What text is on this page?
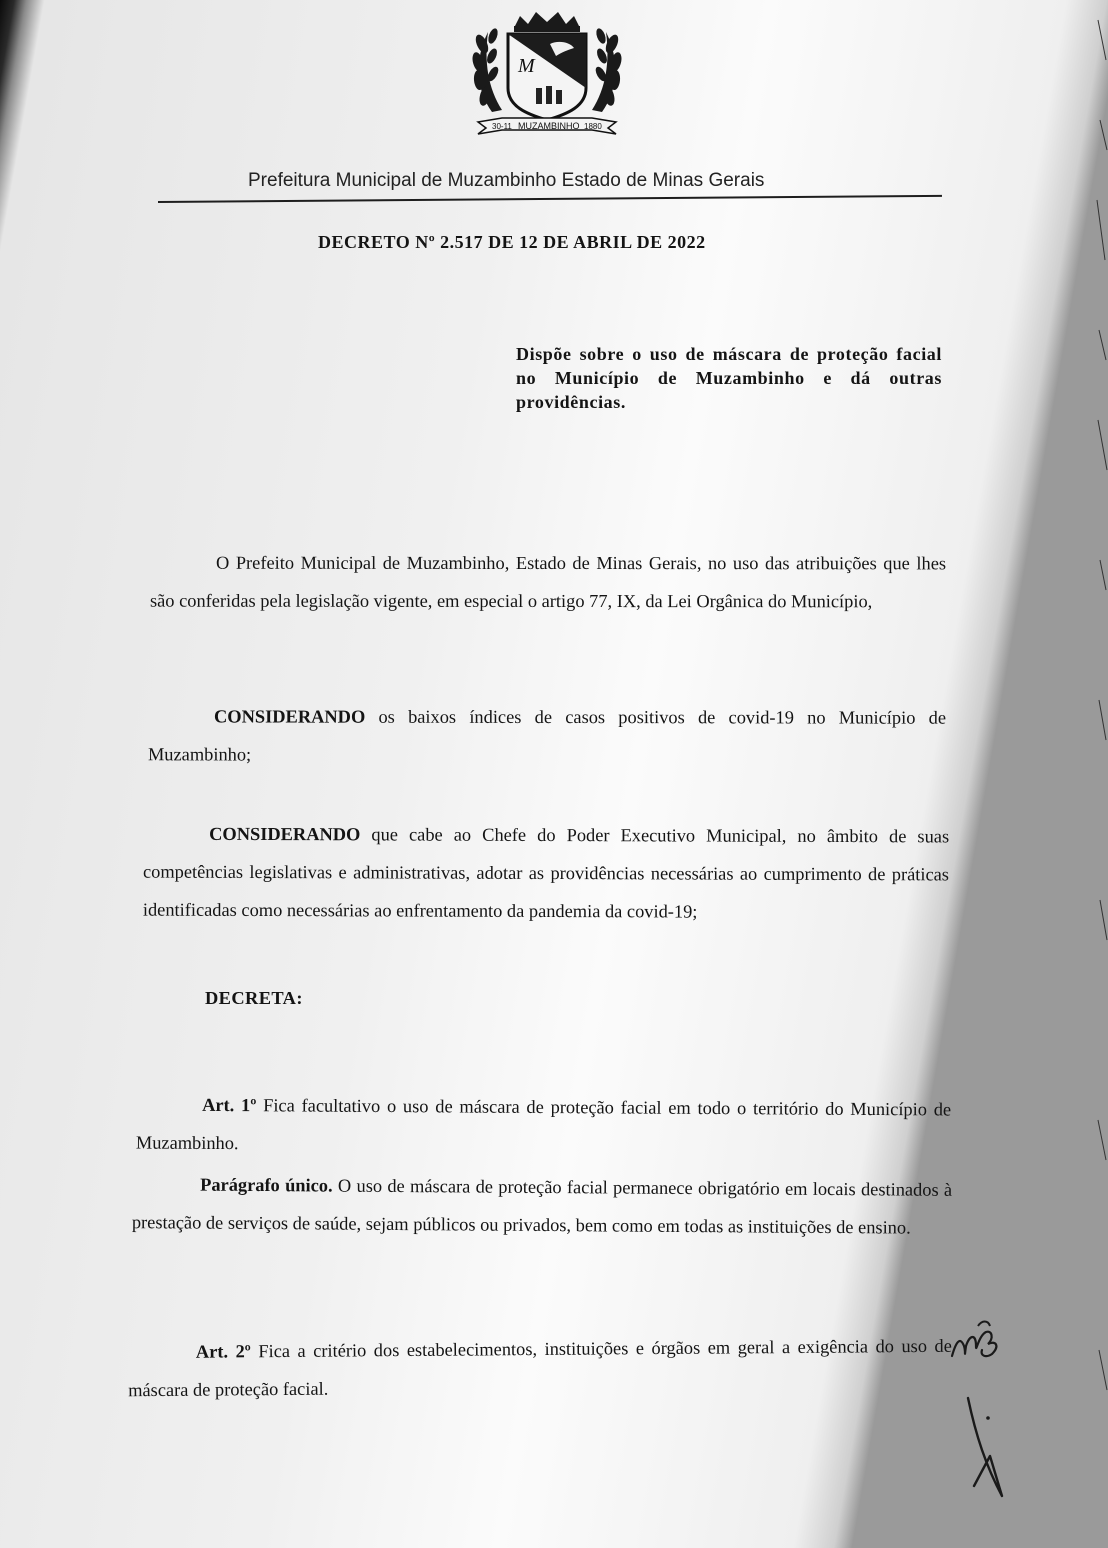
M
30-11 MUZAMBINHO 1880
Prefeitura Municipal de Muzambinho Estado de Minas Gerais
DECRETO Nº 2.517 DE 12 DE ABRIL DE 2022
Dispõe sobre o uso de máscara de proteção facial no Município de Muzambinho e dá outras providências.

O Prefeito Municipal de Muzambinho, Estado de Minas Gerais, no uso das atribuições que lhes são conferidas pela legislação vigente, em especial o artigo 77, IX, da Lei Orgânica do Município,

CONSIDERANDO os baixos índices de casos positivos de covid-19 no Município de Muzambinho;

CONSIDERANDO que cabe ao Chefe do Poder Executivo Municipal, no âmbito de suas competências legislativas e administrativas, adotar as providências necessárias ao cumprimento de práticas identificadas como necessárias ao enfrentamento da pandemia da covid-19;

DECRETA:

Art. 1º Fica facultativo o uso de máscara de proteção facial em todo o território do Município de Muzambinho.

Parágrafo único. O uso de máscara de proteção facial permanece obrigatório em locais destinados à prestação de serviços de saúde, sejam públicos ou privados, bem como em todas as instituições de ensino.

Art. 2º Fica a critério dos estabelecimentos, instituições e órgãos em geral a exigência do uso de máscara de proteção facial.
